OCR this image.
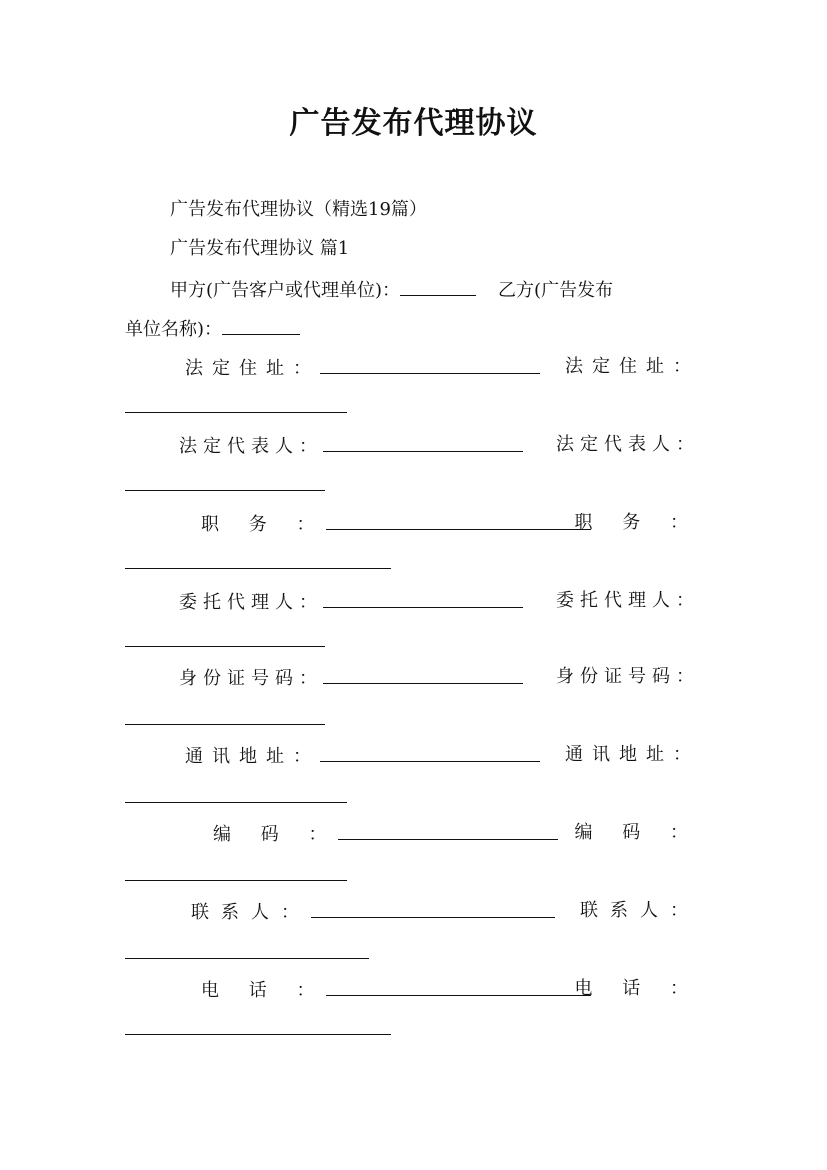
广告发布代理协议
广告发布代理协议（精选19篇）
广告发布代理协议 篇1
甲方(广告客户或代理单位)：	乙方(广告发布
单位名称)：
法定住址：	法定住址：
法定代表人：	法定代表人：
职 务 ：	职 务 ：
委托代理人：	委托代理人：
身份证号码：	身份证号码：
通讯地址：	通讯地址：
编 码 ：	编 码 ：
联系人：	联系人：
电 话 ：	电 话 ：
